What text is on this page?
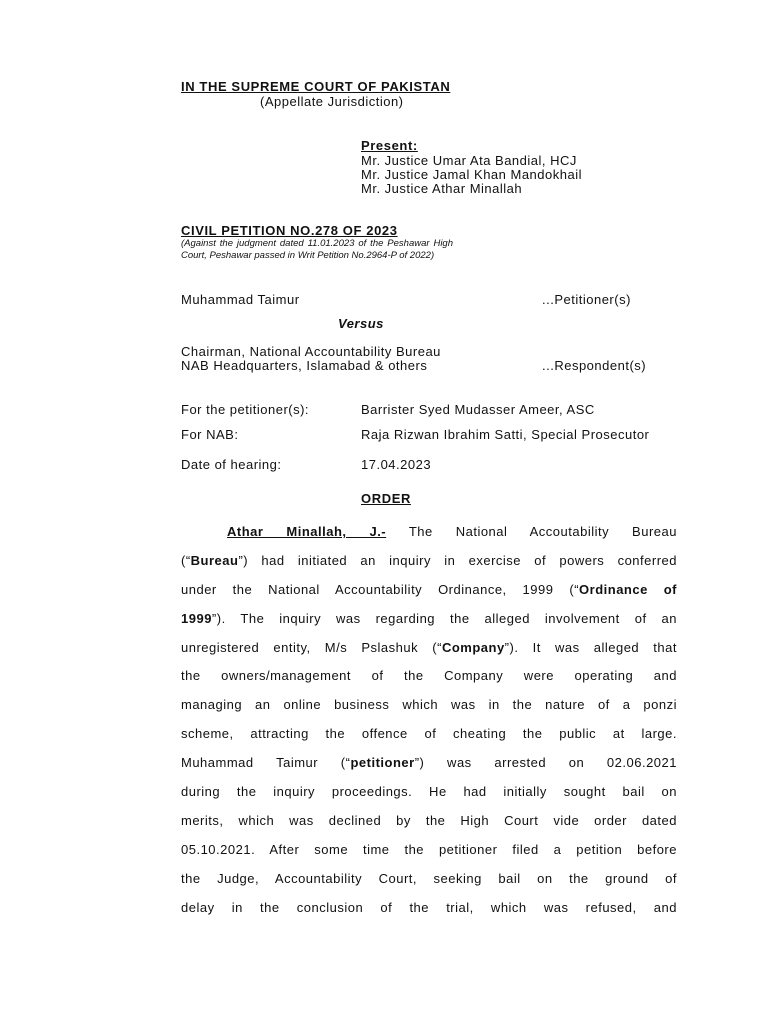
IN THE SUPREME COURT OF PAKISTAN
(Appellate Jurisdiction)
Present:
Mr. Justice Umar Ata Bandial, HCJ
Mr. Justice Jamal Khan Mandokhail
Mr. Justice Athar Minallah
CIVIL PETITION NO.278 OF 2023
(Against the judgment dated 11.01.2023 of the Peshawar High Court, Peshawar passed in Writ Petition No.2964-P of 2022)
Muhammad Taimur	...Petitioner(s)
Versus
Chairman, National Accountability Bureau
NAB Headquarters, Islamabad & others	...Respondent(s)
For the petitioner(s):	Barrister Syed Mudasser Ameer, ASC
For NAB:	Raja Rizwan Ibrahim Satti, Special Prosecutor
Date of hearing:	17.04.2023
ORDER
Athar Minallah, J.- The National Accoutability Bureau
(“Bureau”) had initiated an inquiry in exercise of powers conferred
under the National Accountability Ordinance, 1999 (“Ordinance of
1999”). The inquiry was regarding the alleged involvement of an
unregistered entity, M/s Pslashuk (“Company”). It was alleged that
the owners/management of the Company were operating and
managing an online business which was in the nature of a ponzi
scheme, attracting the offence of cheating the public at large.
Muhammad Taimur (“petitioner”) was arrested on 02.06.2021
during the inquiry proceedings. He had initially sought bail on
merits, which was declined by the High Court vide order dated
05.10.2021. After some time the petitioner filed a petition before
the Judge, Accountability Court, seeking bail on the ground of
delay in the conclusion of the trial, which was refused, and
